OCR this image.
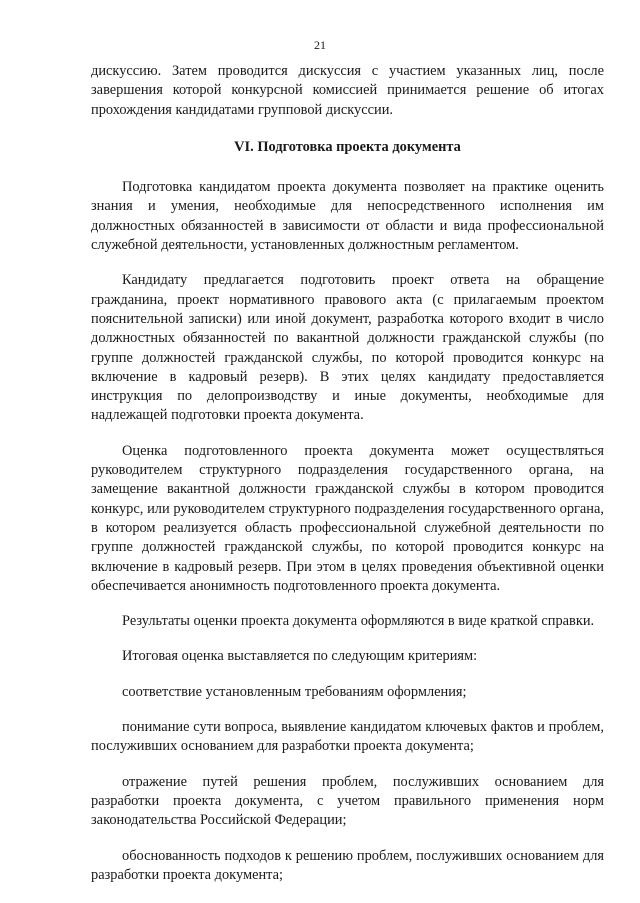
21

дискуссию. Затем проводится дискуссия с участием указанных лиц, после завершения которой конкурсной комиссией принимается решение об итогах прохождения кандидатами групповой дискуссии.

VI. Подготовка проекта документа

Подготовка кандидатом проекта документа позволяет на практике оценить знания и умения, необходимые для непосредственного исполнения им должностных обязанностей в зависимости от области и вида профессиональной служебной деятельности, установленных должностным регламентом.

Кандидату предлагается подготовить проект ответа на обращение гражданина, проект нормативного правового акта (с прилагаемым проектом пояснительной записки) или иной документ, разработка которого входит в число должностных обязанностей по вакантной должности гражданской службы (по группе должностей гражданской службы, по которой проводится конкурс на включение в кадровый резерв). В этих целях кандидату предоставляется инструкция по делопроизводству и иные документы, необходимые для надлежащей подготовки проекта документа.

Оценка подготовленного проекта документа может осуществляться руководителем структурного подразделения государственного органа, на замещение вакантной должности гражданской службы в котором проводится конкурс, или руководителем структурного подразделения государственного органа, в котором реализуется область профессиональной служебной деятельности по группе должностей гражданской службы, по которой проводится конкурс на включение в кадровый резерв. При этом в целях проведения объективной оценки обеспечивается анонимность подготовленного проекта документа.

Результаты оценки проекта документа оформляются в виде краткой справки.

Итоговая оценка выставляется по следующим критериям:

соответствие установленным требованиям оформления;

понимание сути вопроса, выявление кандидатом ключевых фактов и проблем, послуживших основанием для разработки проекта документа;

отражение путей решения проблем, послуживших основанием для разработки проекта документа, с учетом правильного применения норм законодательства Российской Федерации;

обоснованность подходов к решению проблем, послуживших основанием для разработки проекта документа;
